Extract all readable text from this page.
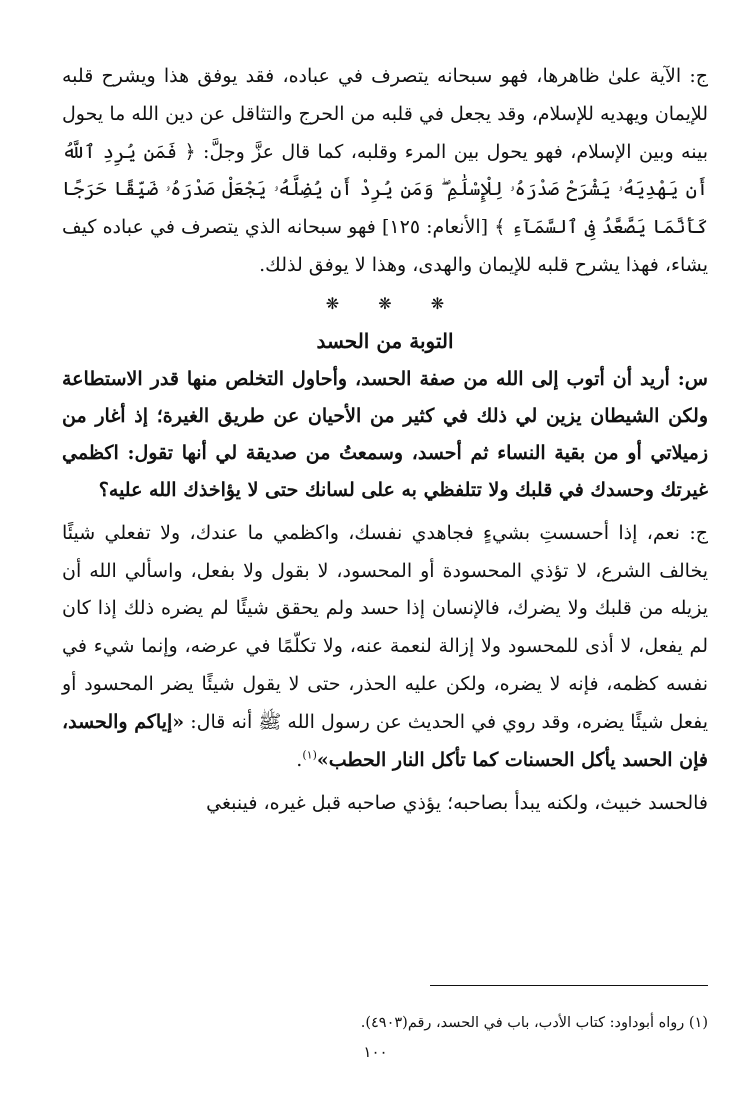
ج: الآية علىٰ ظاهرها، فهو سبحانه يتصرف في عباده، فقد يوفق هذا ويشرح قلبه للإيمان ويهديه للإسلام، وقد يجعل في قلبه من الحرج والتثاقل عن دين الله ما يحول بينه وبين الإسلام، فهو يحول بين المرء وقلبه، كما قال عزَّ وجلَّ: ﴿ فَمَن يُرِدِ ٱللَّهُ أَن يَهْدِيَهُۥ يَشْرَحْ صَدْرَهُۥ لِلْإِسْلَٰمِ ۖ وَمَن يُرِدْ أَن يُضِلَّهُۥ يَجْعَلْ صَدْرَهُۥ ضَيِّقًا حَرَجًا كَأَنَّمَا يَصَّعَّدُ فِى ٱلسَّمَآءِ ﴾ [الأنعام: ١٢٥] فهو سبحانه الذي يتصرف في عباده كيف يشاء، فهذا يشرح قلبه للإيمان والهدى، وهذا لا يوفق لذلك.

❋ ❋ ❋
التوبة من الحسد

س: أريد أن أتوب إلى الله من صفة الحسد، وأحاول التخلص منها قدر الاستطاعة ولكن الشيطان يزين لي ذلك في كثير من الأحيان عن طريق الغيرة؛ إذ أغار من زميلاتي أو من بقية النساء ثم أحسد، وسمعتُ من صديقة لي أنها تقول: اكظمي غيرتك وحسدك في قلبك ولا تتلفظي به على لسانك حتى لا يؤاخذك الله عليه؟

ج: نعم، إذا أحسستِ بشيءٍ فجاهدي نفسك، واكظمي ما عندك، ولا تفعلي شيئًا يخالف الشرع، لا تؤذي المحسودة أو المحسود، لا بقول ولا بفعل، واسألي الله أن يزيله من قلبك ولا يضرك، فالإنسان إذا حسد ولم يحقق شيئًا لم يضره ذلك إذا كان لم يفعل، لا أذى للمحسود ولا إزالة لنعمة عنه، ولا تكلّمًا في عرضه، وإنما شيء في نفسه كظمه، فإنه لا يضره، ولكن عليه الحذر، حتى لا يقول شيئًا يضر المحسود أو يفعل شيئًا يضره، وقد روي في الحديث عن رسول الله ﷺ أنه قال: «إياكم والحسد، فإن الحسد يأكل الحسنات كما تأكل النار الحطب»$^{(١)}$.

فالحسد خبيث، ولكنه يبدأ بصاحبه؛ يؤذي صاحبه قبل غيره، فينبغي

(١) رواه أبوداود: كتاب الأدب، باب في الحسد، رقم(٤٩٠٣).

١٠٠
